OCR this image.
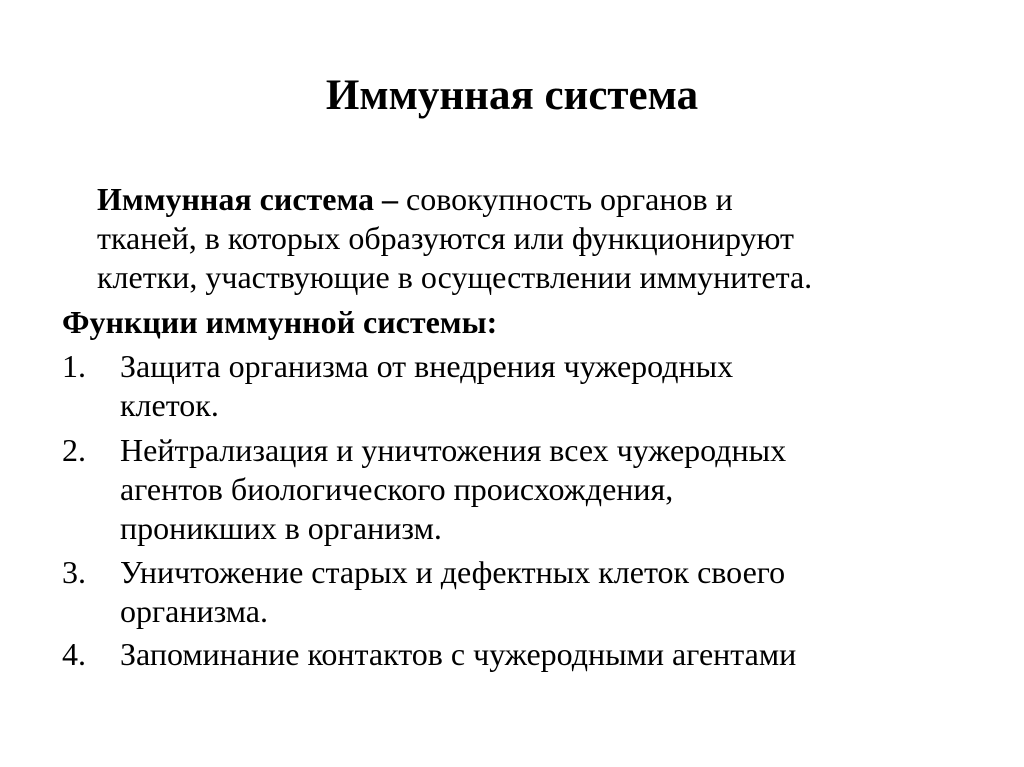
Иммунная система
Иммунная система – совокупность органов и
тканей, в которых образуются или функционируют
клетки, участвующие в осуществлении иммунитета.
Функции иммунной системы:
1. Защита организма от внедрения чужеродных
клеток.
2. Нейтрализация и уничтожения всех чужеродных
агентов биологического происхождения,
проникших в организм.
3. Уничтожение старых и дефектных клеток своего
организма.
4. Запоминание контактов с чужеродными агентами
